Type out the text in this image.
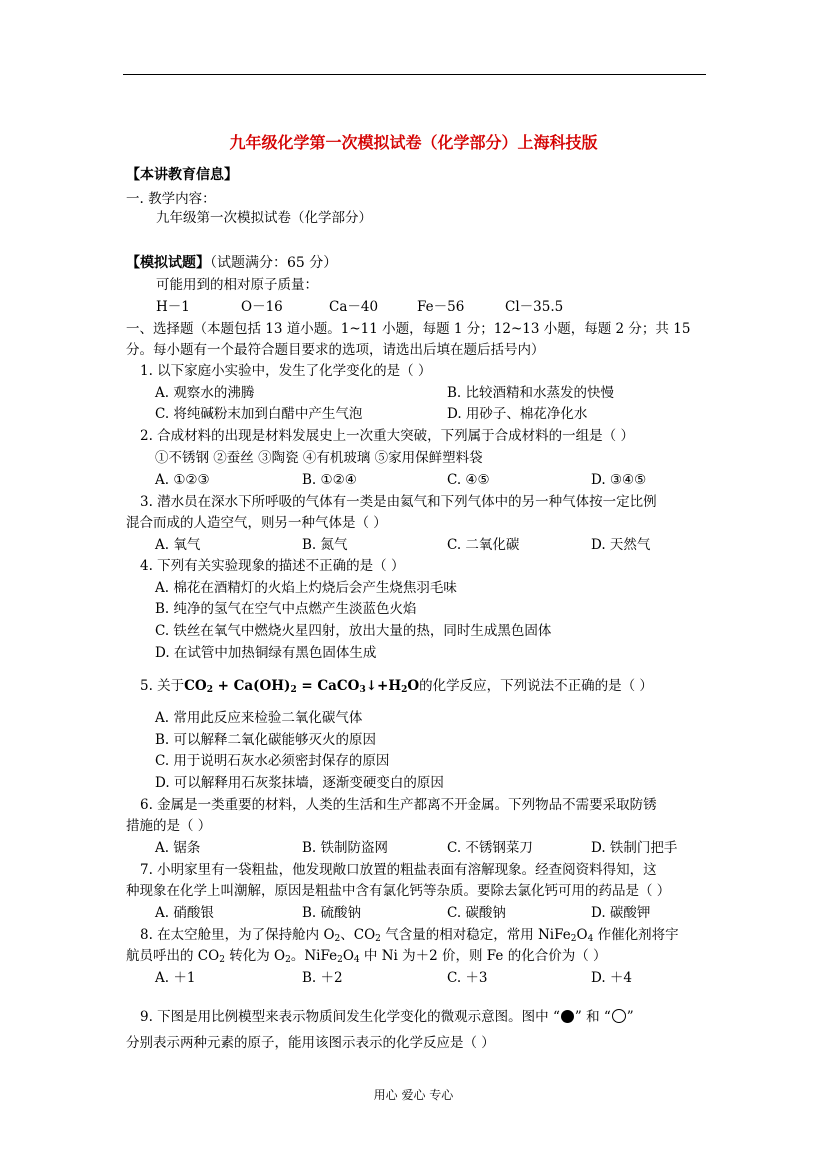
九年级化学第一次模拟试卷（化学部分）上海科技版
【本讲教育信息】
一. 教学内容：
九年级第一次模拟试卷（化学部分）
【模拟试题】（试题满分：65 分）
可能用到的相对原子质量：
H－1	O－16	Ca－40	Fe－56	Cl－35.5
一、选择题（本题包括 13 道小题。1~11 小题，每题 1 分；12~13 小题，每题 2 分；共 15
分。每小题有一个最符合题目要求的选项，请选出后填在题后括号内）
1. 以下家庭小实验中，发生了化学变化的是（ ）
A. 观察水的沸腾	B. 比较酒精和水蒸发的快慢
C. 将纯碱粉末加到白醋中产生气泡	D. 用砂子、棉花净化水
2. 合成材料的出现是材料发展史上一次重大突破，下列属于合成材料的一组是（ ）
①不锈钢 ②蚕丝 ③陶瓷 ④有机玻璃 ⑤家用保鲜塑料袋
A. ①②③	B. ①②④	C. ④⑤	D. ③④⑤
3. 潜水员在深水下所呼吸的气体有一类是由氦气和下列气体中的另一种气体按一定比例
混合而成的人造空气，则另一种气体是（ ）
A. 氧气	B. 氮气	C. 二氧化碳	D. 天然气
4. 下列有关实验现象的描述不正确的是（ ）
A. 棉花在酒精灯的火焰上灼烧后会产生烧焦羽毛味
B. 纯净的氢气在空气中点燃产生淡蓝色火焰
C. 铁丝在氧气中燃烧火星四射，放出大量的热，同时生成黑色固体
D. 在试管中加热铜绿有黑色固体生成
5. 关于$CO_2 + Ca(OH)_2$ = $CaCO_3↓+H_2O$的化学反应，下列说法不正确的是（ ）
A. 常用此反应来检验二氧化碳气体
B. 可以解释二氧化碳能够灭火的原因
C. 用于说明石灰水必须密封保存的原因
D. 可以解释用石灰浆抹墙，逐渐变硬变白的原因
6. 金属是一类重要的材料，人类的生活和生产都离不开金属。下列物品不需要采取防锈
措施的是（ ）
A. 锯条	B. 铁制防盗网	C. 不锈钢菜刀	D. 铁制门把手
7. 小明家里有一袋粗盐，他发现敞口放置的粗盐表面有溶解现象。经查阅资料得知，这
种现象在化学上叫潮解，原因是粗盐中含有氯化钙等杂质。要除去氯化钙可用的药品是（ ）
A. 硝酸银	B. 硫酸钠	C. 碳酸钠	D. 碳酸钾
8. 在太空舱里，为了保持舱内 $O_2$、$CO_2$ 气含量的相对稳定，常用 $NiFe_2O_4$ 作催化剂将宇
航员呼出的 $CO_2$ 转化为 $O_2$。$NiFe_2O_4$ 中 Ni 为＋2 价，则 Fe 的化合价为（ ）
A. ＋1	B. ＋2	C. ＋3	D. ＋4
9. 下图是用比例模型来表示物质间发生化学变化的微观示意图。图中 “ ” 和 “ ”
分别表示两种元素的原子，能用该图示表示的化学反应是（ ）
用心 爱心 专心
